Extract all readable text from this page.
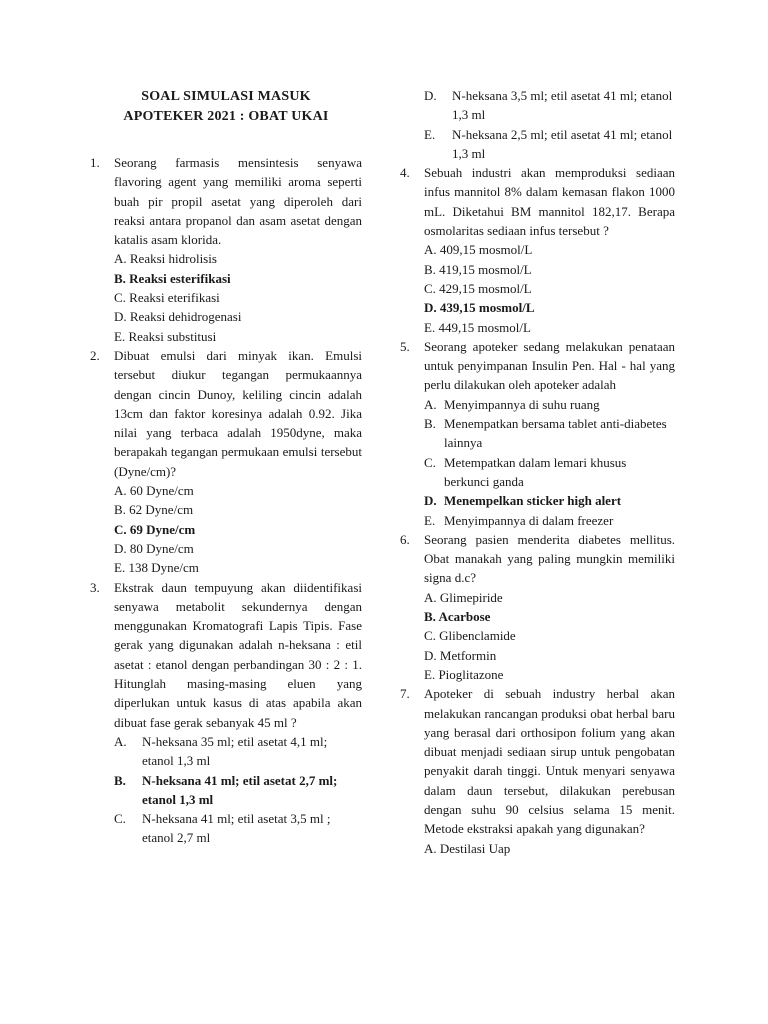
SOAL SIMULASI MASUK
APOTEKER 2021 : OBAT UKAI
1. Seorang farmasis mensintesis senyawa flavoring agent yang memiliki aroma seperti buah pir propil asetat yang diperoleh dari reaksi antara propanol dan asam asetat dengan katalis asam klorida.
A. Reaksi hidrolisis
B. Reaksi esterifikasi
C. Reaksi eterifikasi
D. Reaksi dehidrogenasi
E. Reaksi substitusi
2. Dibuat emulsi dari minyak ikan. Emulsi tersebut diukur tegangan permukaannya dengan cincin Dunoy, keliling cincin adalah 13cm dan faktor koresinya adalah 0.92. Jika nilai yang terbaca adalah 1950dyne, maka berapakah tegangan permukaan emulsi tersebut (Dyne/cm)?
A. 60 Dyne/cm
B. 62 Dyne/cm
C. 69 Dyne/cm
D. 80 Dyne/cm
E. 138 Dyne/cm
3. Ekstrak daun tempuyung akan diidentifikasi senyawa metabolit sekundernya dengan menggunakan Kromatografi Lapis Tipis. Fase gerak yang digunakan adalah n-heksana : etil asetat : etanol dengan perbandingan 30 : 2 : 1. Hitunglah masing-masing eluen yang diperlukan untuk kasus di atas apabila akan dibuat fase gerak sebanyak 45 ml ?
A. N-heksana 35 ml; etil asetat 4,1 ml; etanol 1,3 ml
B. N-heksana 41 ml; etil asetat 2,7 ml; etanol 1,3 ml
C. N-heksana 41 ml; etil asetat 3,5 ml ; etanol 2,7 ml
D. N-heksana 3,5 ml; etil asetat 41 ml; etanol 1,3 ml
E. N-heksana 2,5 ml; etil asetat 41 ml; etanol 1,3 ml
4. Sebuah industri akan memproduksi sediaan infus mannitol 8% dalam kemasan flakon 1000 mL. Diketahui BM mannitol 182,17. Berapa osmolaritas sediaan infus tersebut ?
A. 409,15 mosmol/L
B. 419,15 mosmol/L
C. 429,15 mosmol/L
D. 439,15 mosmol/L
E. 449,15 mosmol/L
5. Seorang apoteker sedang melakukan penataan untuk penyimpanan Insulin Pen. Hal - hal yang perlu dilakukan oleh apoteker adalah
A. Menyimpannya di suhu ruang
B. Menempatkan bersama tablet anti-diabetes lainnya
C. Metempatkan dalam lemari khusus berkunci ganda
D. Menempelkan sticker high alert
E. Menyimpannya di dalam freezer
6. Seorang pasien menderita diabetes mellitus. Obat manakah yang paling mungkin memiliki signa d.c?
A. Glimepiride
B. Acarbose
C. Glibenclamide
D. Metformin
E. Pioglitazone
7. Apoteker di sebuah industry herbal akan melakukan rancangan produksi obat herbal baru yang berasal dari orthosipon folium yang akan dibuat menjadi sediaan sirup untuk pengobatan penyakit darah tinggi. Untuk menyari senyawa dalam daun tersebut, dilakukan perebusan dengan suhu 90 celsius selama 15 menit. Metode ekstraksi apakah yang digunakan?
A. Destilasi Uap
